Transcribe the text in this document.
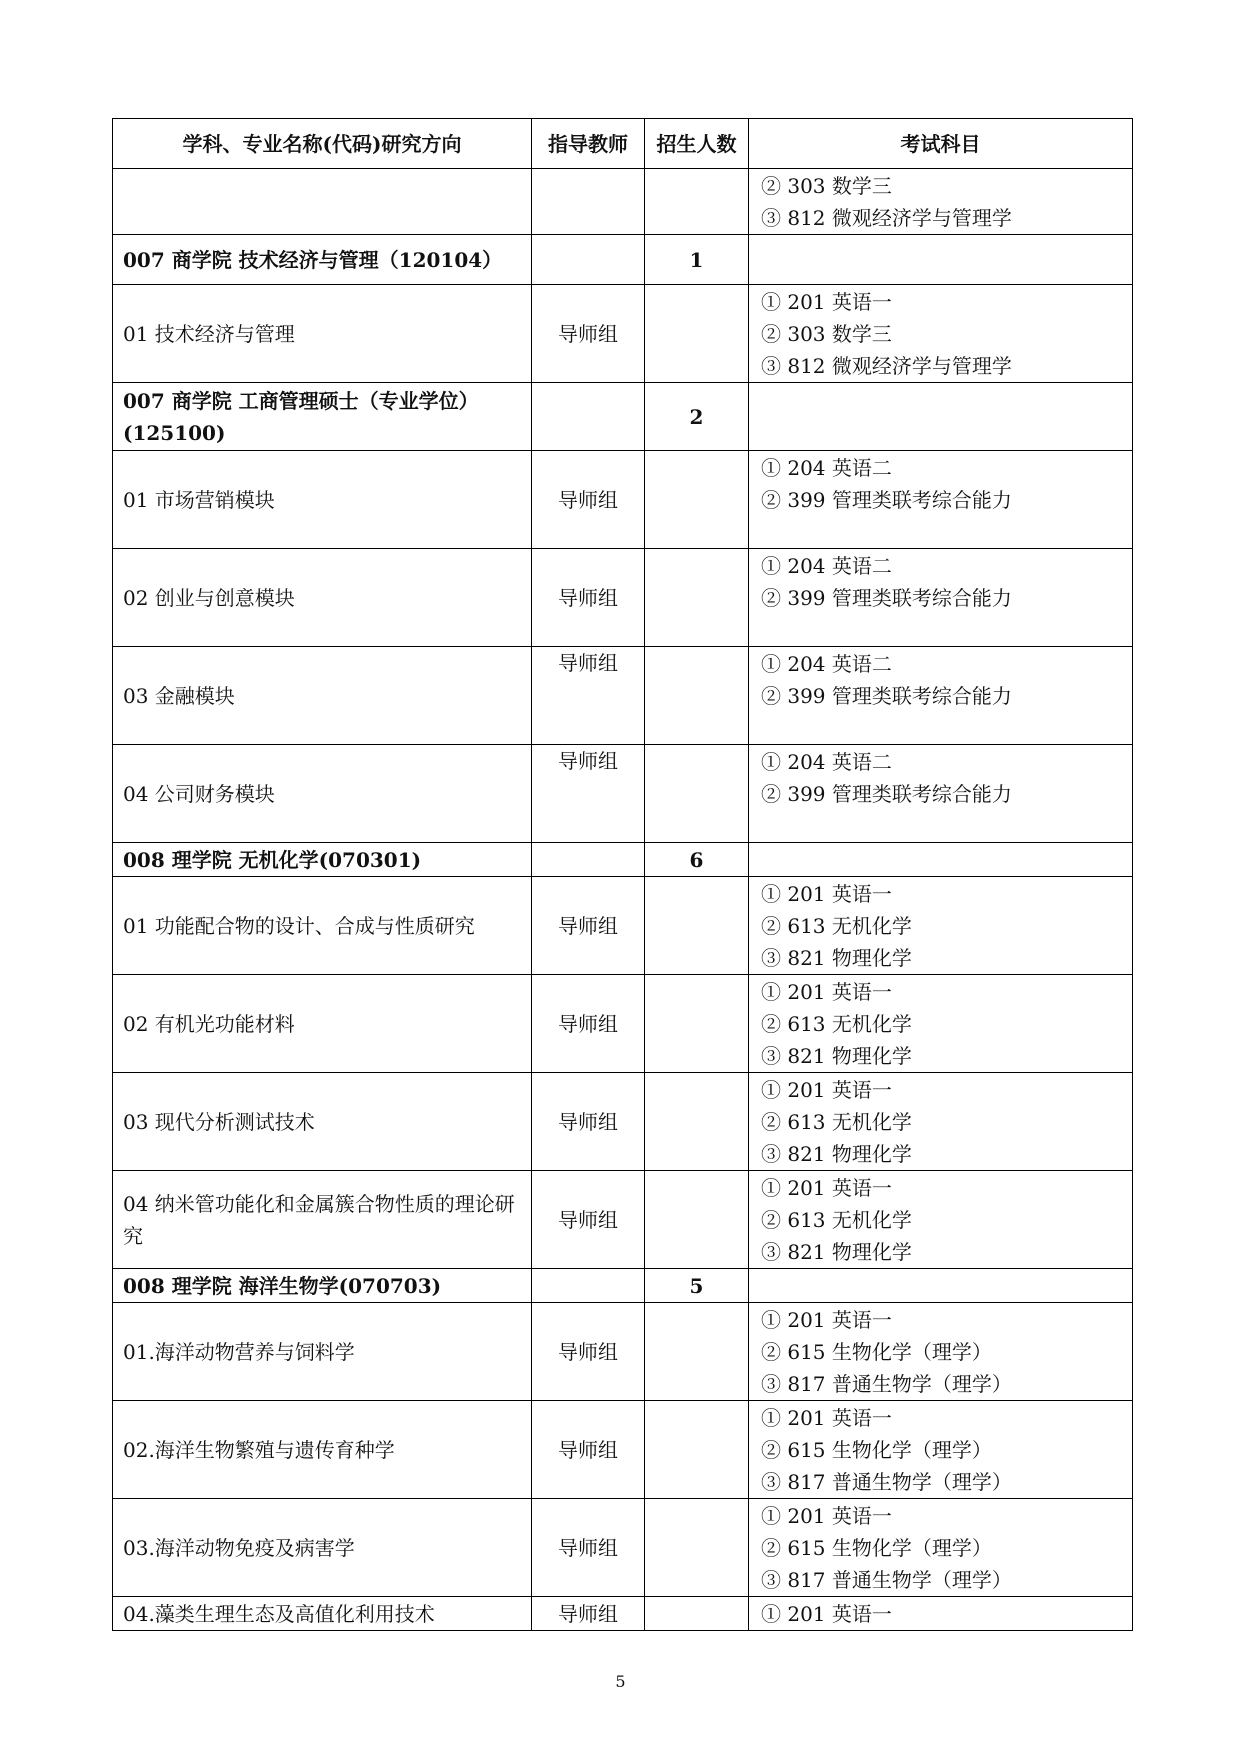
学科、专业名称(代码)研究方向	指导教师	招生人数	考试科目

			② 303 数学三
③ 812 微观经济学与管理学

007 商学院 技术经济与管理（120104）		1	
01 技术经济与管理	导师组		① 201 英语一
② 303 数学三
③ 812 微观经济学与管理学

007 商学院 工商管理硕士（专业学位）(125100)		2	
01 市场营销模块	导师组		① 204 英语二
② 399 管理类联考综合能力

02 创业与创意模块	导师组		① 204 英语二
② 399 管理类联考综合能力

03 金融模块	导师组		① 204 英语二
② 399 管理类联考综合能力

04 公司财务模块	导师组		① 204 英语二
② 399 管理类联考综合能力

008 理学院 无机化学(070301)		6	
01 功能配合物的设计、合成与性质研究	导师组		① 201 英语一
② 613 无机化学
③ 821 物理化学

02 有机光功能材料	导师组		① 201 英语一
② 613 无机化学
③ 821 物理化学

03 现代分析测试技术	导师组		① 201 英语一
② 613 无机化学
③ 821 物理化学

04 纳米管功能化和金属簇合物性质的理论研究	导师组		① 201 英语一
② 613 无机化学
③ 821 物理化学

008 理学院 海洋生物学(070703)		5	
01.海洋动物营养与饲料学	导师组		① 201 英语一
② 615 生物化学（理学）
③ 817 普通生物学（理学）

02.海洋生物繁殖与遗传育种学	导师组		① 201 英语一
② 615 生物化学（理学）
③ 817 普通生物学（理学）

03.海洋动物免疫及病害学	导师组		① 201 英语一
② 615 生物化学（理学）
③ 817 普通生物学（理学）

04.藻类生理生态及高值化利用技术	导师组		① 201 英语一
5
